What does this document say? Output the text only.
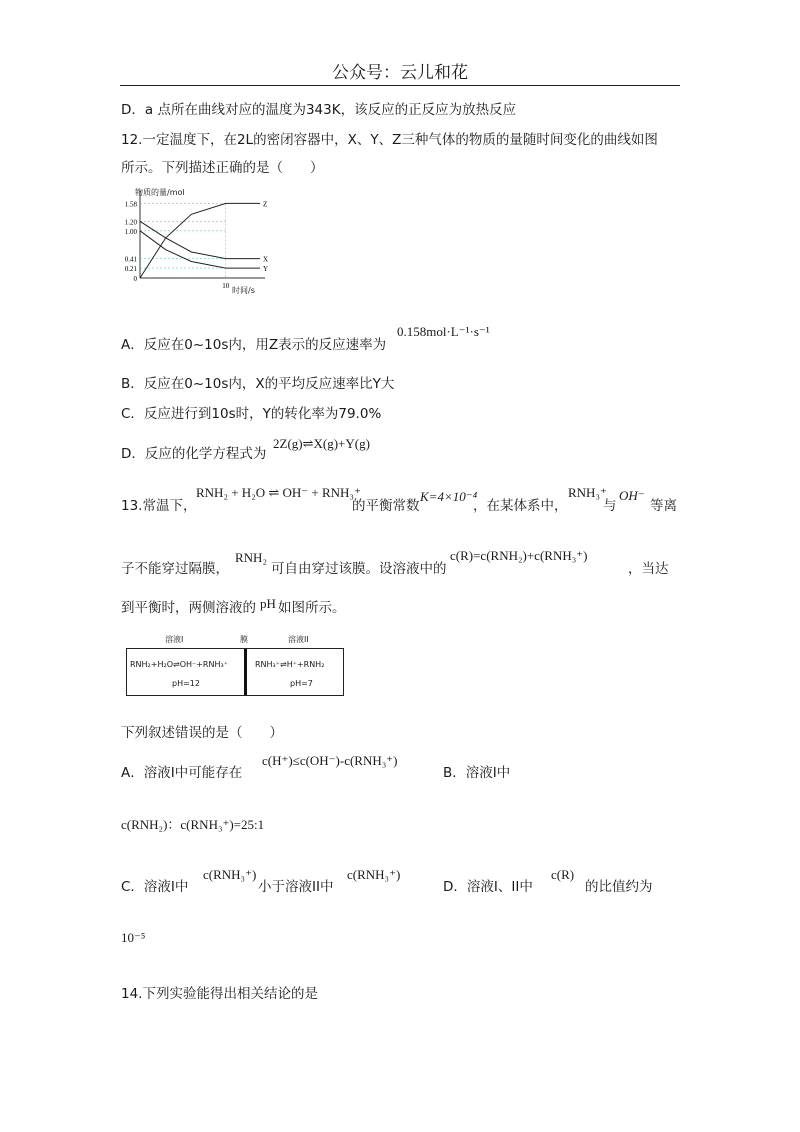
公众号：云儿和花
D．a 点所在曲线对应的温度为343K，该反应的正反应为放热反应
12.一定温度下，在2L的密闭容器中，X、Y、Z三种气体的物质的量随时间变化的曲线如图
所示。下列描述正确的是（　　）
1.58
1.20
1.00
0.41
0.21
0
10
Z
X
Y
物质的量/mol
时间/s
A．反应在0~10s内，用Z表示的反应速率为
0.158mol·L⁻¹·s⁻¹
B．反应在0~10s内，X的平均反应速率比Y大
C．反应进行到10s时，Y的转化率为79.0%
D．反应的化学方程式为
2Z(g)⇌X(g)+Y(g)
13.常温下，
RNH₂ + H₂O ⇌ OH⁻ + RNH₃⁺
的平衡常数
K=4×10⁻⁴
，在某体系中，
RNH₃⁺
与
OH⁻
等离
子不能穿过隔膜，
RNH₂
可自由穿过该膜。设溶液中的
c(R)=c(RNH₂)+c(RNH₃⁺)
，当达
到平衡时，两侧溶液的 pH 如图所示。
溶液I	膜	溶液II
RNH₂+H₂O⇌OH⁻+RNH₃⁺	RNH₃⁺⇌H⁺+RNH₂
pH=12	pH=7
下列叙述错误的是（　　）
A．溶液I中可能存在
c(H⁺)≤c(OH⁻)-c(RNH₃⁺)
B．溶液I中
c(RNH₂)：c(RNH₃⁺)=25:1
C．溶液I中
c(RNH₃⁺)
小于溶液II中
c(RNH₃⁺)
D．溶液I、II中
c(R)
的比值约为
10⁻⁵
14.下列实验能得出相关结论的是
